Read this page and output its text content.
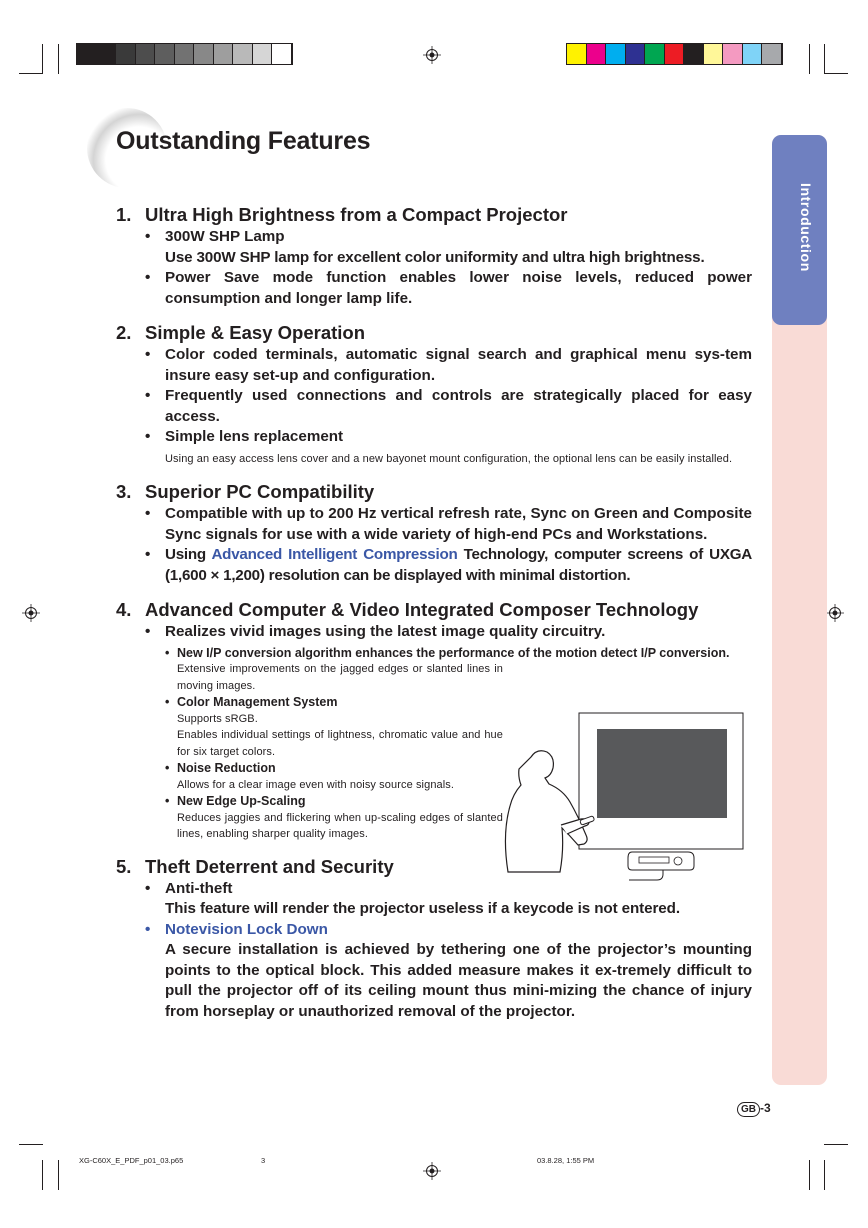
Introduction
Outstanding Features
1. Ultra High Brightness from a Compact Projector
• 300W SHP Lamp
Use 300W SHP lamp for excellent color uniformity and ultra high brightness.
• Power Save mode function enables lower noise levels, reduced power consumption and longer lamp life.
2. Simple & Easy Operation
• Color coded terminals, automatic signal search and graphical menu sys-tem insure easy set-up and configuration.
• Frequently used connections and controls are strategically placed for easy access.
• Simple lens replacement
Using an easy access lens cover and a new bayonet mount configuration, the optional lens can be easily installed.
3. Superior PC Compatibility
• Compatible with up to 200 Hz vertical refresh rate, Sync on Green and Composite Sync signals for use with a wide variety of high-end PCs and Workstations.
• Using Advanced Intelligent Compression Technology, computer screens of UXGA (1,600 × 1,200) resolution can be displayed with minimal distortion.
4. Advanced Computer & Video Integrated Composer Technology
• Realizes vivid images using the latest image quality circuitry.
• New I/P conversion algorithm enhances the performance of the motion detect I/P conversion.
Extensive improvements on the jagged edges or slanted lines in moving images.
• Color Management System
Supports sRGB.
Enables individual settings of lightness, chromatic value and hue for six target colors.
• Noise Reduction
Allows for a clear image even with noisy source signals.
• New Edge Up-Scaling
Reduces jaggies and flickering when up-scaling edges of slanted lines, enabling sharper quality images.
5. Theft Deterrent and Security
• Anti-theft
This feature will render the projector useless if a keycode is not entered.
• Notevision Lock Down
A secure installation is achieved by tethering one of the projector’s mounting points to the optical block. This added measure makes it ex-tremely difficult to pull the projector off of its ceiling mount thus mini-mizing the chance of injury from horseplay or unauthorized removal of the projector.
GB -3
XG-C60X_E_PDF_p01_03.p65	3	03.8.28, 1:55 PM
